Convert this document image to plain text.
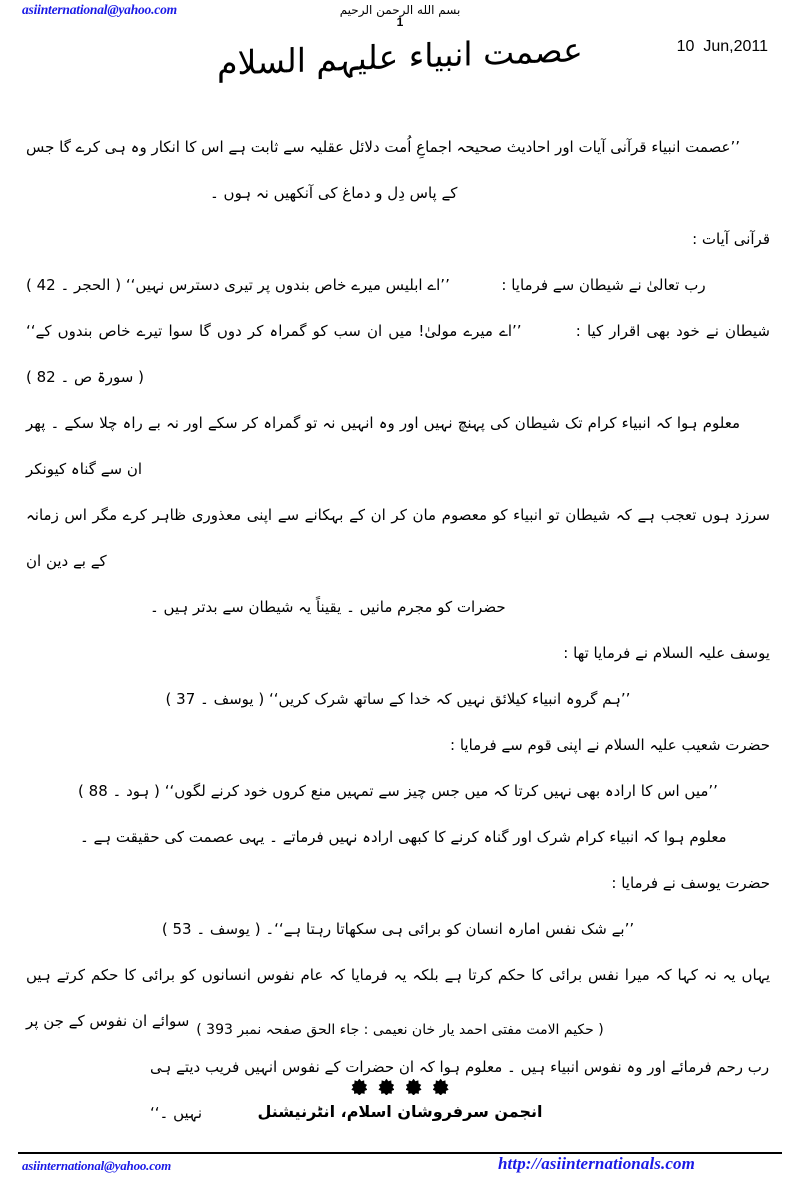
asiinternational@yahoo.com	بسم الله الرحمن الرحيم
1
عصمت انبیاء علیہم السلام	10  Jun,2011
’’عصمت انبیاء قرآنی آیات اور احادیث صحیحہ اجماعِ اُمت دلائل عقلیہ سے ثابت ہے اس کا انکار وہ ہی کرے گا جس
کے پاس دِل و دماغ کی آنکھیں نہ ہوں ۔
قرآنی آیات :
رب تعالیٰ نے شیطان سے فرمایا :  ’’اے ابلیس میرے خاص بندوں پر تیری دسترس نہیں‘‘ ( الحجر ۔ 42 )
شیطان نے خود بھی اقرار کیا :  ’’اے میرے مولیٰ! میں ان سب کو گمراہ کر دوں گا سوا تیرے خاص بندوں کے‘‘ ( سورۃ ص ۔ 82 )
معلوم ہوا کہ انبیاء کرام تک شیطان کی پہنچ نہیں اور وہ انہیں نہ تو گمراہ کر سکے اور نہ بے راہ چلا سکے ۔ پھر ان سے گناہ کیونکر
سرزد ہوں تعجب ہے کہ شیطان تو انبیاء کو معصوم مان کر ان کے بہکانے سے اپنی معذوری ظاہر کرے مگر اس زمانہ کے بے دین ان
حضرات کو مجرم مانیں ۔ یقیناً یہ شیطان سے بدتر ہیں ۔
یوسف علیہ السلام نے فرمایا تھا :
’’ہم گروہ انبیاء کیلائق نہیں کہ خدا کے ساتھ شرک کریں‘‘ ( یوسف ۔ 37 )
حضرت شعیب علیہ السلام نے اپنی قوم سے فرمایا :
’’میں اس کا ارادہ بھی نہیں کرتا کہ میں جس چیز سے تمہیں منع کروں خود کرنے لگوں‘‘ ( ہود ۔ 88 )
معلوم ہوا کہ انبیاء کرام شرک اور گناہ کرنے کا کبھی ارادہ نہیں فرماتے ۔ یہی عصمت کی حقیقت ہے ۔
حضرت یوسف نے فرمایا :
’’بے شک نفس امارہ انسان کو برائی ہی سکھاتا رہتا ہے‘‘۔ ( یوسف ۔ 53 )
یہاں یہ نہ کہا کہ میرا نفس برائی کا حکم کرتا ہے بلکہ یہ فرمایا کہ عام نفوس انسانوں کو برائی کا حکم کرتے ہیں سوائے ان نفوس کے جن پر
رب رحم فرمائے اور وہ نفوس انبیاء ہیں ۔ معلوم ہوا کہ ان حضرات کے نفوس انہیں فریب دیتے ہی نہیں ۔‘‘
( حکیم الامت مفتی احمد یار خان نعیمی : جاء الحق صفحہ نمبر 393 )

انجمن سرفروشان اسلام، انٹرنیشنل
asiinternational@yahoo.com	http://asiinternationals.com
